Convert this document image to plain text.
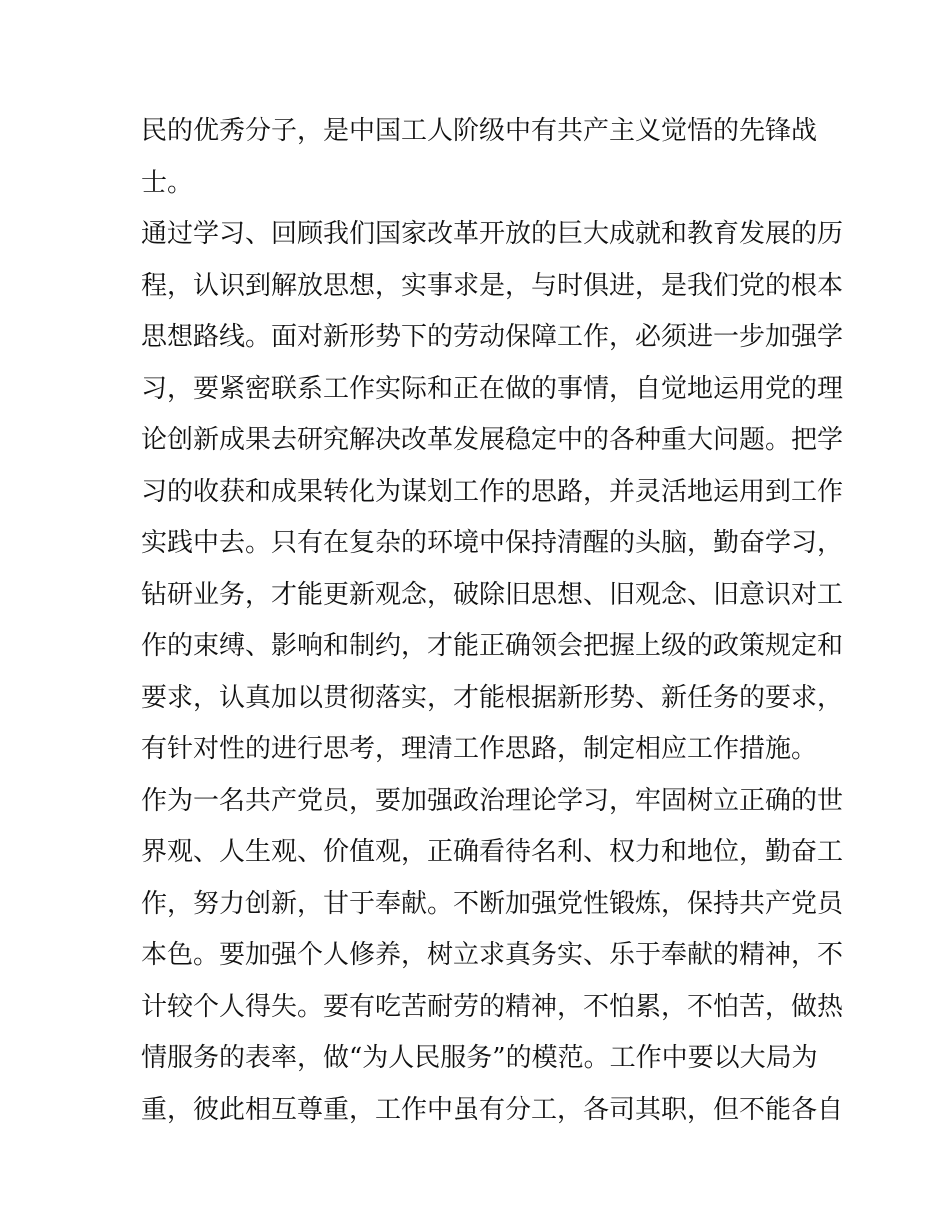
民的优秀分子，是中国工人阶级中有共产主义觉悟的先锋战
士。
通过学习、回顾我们国家改革开放的巨大成就和教育发展的历
程，认识到解放思想，实事求是，与时俱进，是我们党的根本
思想路线。面对新形势下的劳动保障工作，必须进一步加强学
习，要紧密联系工作实际和正在做的事情，自觉地运用党的理
论创新成果去研究解决改革发展稳定中的各种重大问题。把学
习的收获和成果转化为谋划工作的思路，并灵活地运用到工作
实践中去。只有在复杂的环境中保持清醒的头脑，勤奋学习，
钻研业务，才能更新观念，破除旧思想、旧观念、旧意识对工
作的束缚、影响和制约，才能正确领会把握上级的政策规定和
要求，认真加以贯彻落实，才能根据新形势、新任务的要求，
有针对性的进行思考，理清工作思路，制定相应工作措施。
作为一名共产党员，要加强政治理论学习，牢固树立正确的世
界观、人生观、价值观，正确看待名利、权力和地位，勤奋工
作，努力创新，甘于奉献。不断加强党性锻炼，保持共产党员
本色。要加强个人修养，树立求真务实、乐于奉献的精神，不
计较个人得失。要有吃苦耐劳的精神，不怕累，不怕苦，做热
情服务的表率，做“为人民服务”的模范。工作中要以大局为
重，彼此相互尊重，工作中虽有分工，各司其职，但不能各自
